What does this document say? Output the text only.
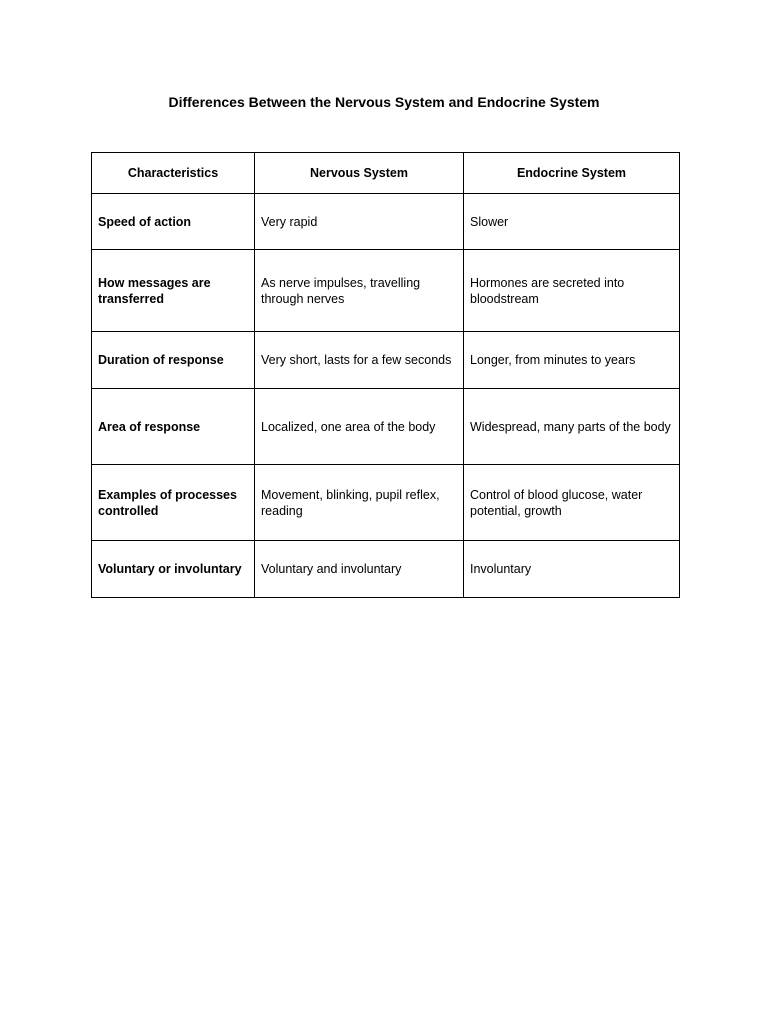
Differences Between the Nervous System and Endocrine System
Characteristics	Nervous System	Endocrine System
Speed of action	Very rapid	Slower
How messages are transferred	As nerve impulses, travelling through nerves	Hormones are secreted into bloodstream
Duration of response	Very short, lasts for a few seconds	Longer, from minutes to years
Area of response	Localized, one area of the body	Widespread, many parts of the body
Examples of processes controlled	Movement, blinking, pupil reflex, reading	Control of blood glucose, water potential, growth
Voluntary or involuntary	Voluntary and involuntary	Involuntary
